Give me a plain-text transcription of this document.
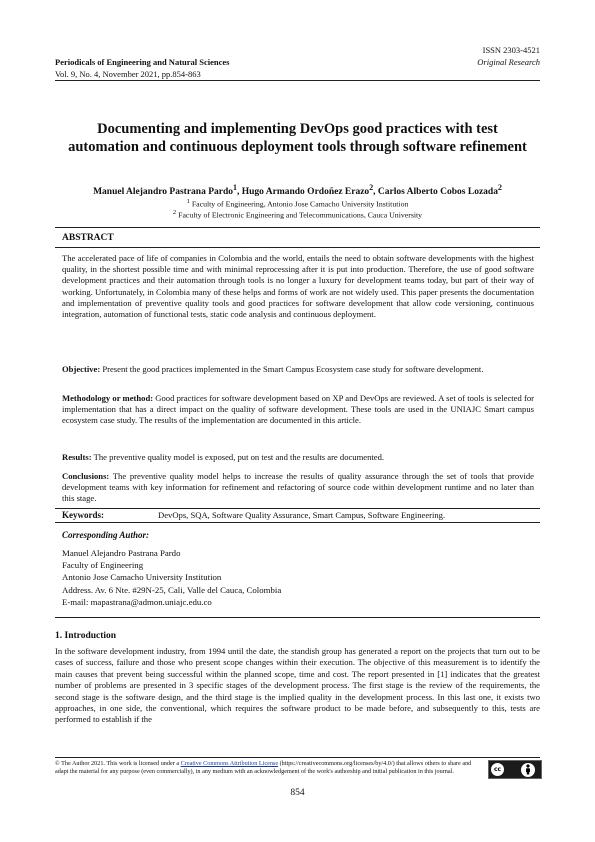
ISSN 2303-4521
Original Research
Periodicals of Engineering and Natural Sciences
Vol. 9, No. 4, November 2021, pp.854-863
Documenting and implementing DevOps good practices with test automation and continuous deployment tools through software refinement
Manuel Alejandro Pastrana Pardo$^1$, Hugo Armando Ordoñez Erazo$^2$, Carlos Alberto Cobos Lozada$^2$
$^1$ Faculty of Engineering, Antonio Jose Camacho University Institution
$^2$ Faculty of Electronic Engineering and Telecommunications, Cauca University
ABSTRACT
The accelerated pace of life of companies in Colombia and the world, entails the need to obtain software developments with the highest quality, in the shortest possible time and with minimal reprocessing after it is put into production. Therefore, the use of good software development practices and their automation through tools is no longer a luxury for development teams today, but part of their way of working. Unfortunately, in Colombia many of these helps and forms of work are not widely used. This paper presents the documentation and implementation of preventive quality tools and good practices for software development that allow code versioning, continuous integration, automation of functional tests, static code analysis and continuous deployment.
Objective: Present the good practices implemented in the Smart Campus Ecosystem case study for software development.
Methodology or method: Good practices for software development based on XP and DevOps are reviewed. A set of tools is selected for implementation that has a direct impact on the quality of software development. These tools are used in the UNIAJC Smart campus ecosystem case study. The results of the implementation are documented in this article.
Results: The preventive quality model is exposed, put on test and the results are documented.
Conclusions: The preventive quality model helps to increase the results of quality assurance through the set of tools that provide development teams with key information for refinement and refactoring of source code within development runtime and no later than this stage.
Keywords:	DevOps, SQA, Software Quality Assurance, Smart Campus, Software Engineering.
Corresponding Author:
Manuel Alejandro Pastrana Pardo
Faculty of Engineering
Antonio Jose Camacho University Institution
Address. Av. 6 Nte. #29N-25, Cali, Valle del Cauca, Colombia
E-mail: mapastrana@admon.uniajc.edu.co
1. Introduction
In the software development industry, from 1994 until the date, the standish group has generated a report on the projects that turn out to be cases of success, failure and those who present scope changes within their execution. The objective of this measurement is to identify the main causes that prevent being successful within the planned scope, time and cost. The report presented in [1] indicates that the greatest number of problems are presented in 3 specific stages of the development process. The first stage is the review of the requirements, the second stage is the software design, and the third stage is the implied quality in the development process. In this last one, it exists two approaches, in one side, the conventional, which requires the software product to be made before, and subsequently to this, tests are performed to establish if the
© The Author 2021. This work is licensed under a Creative Commons Attribution License (https://creativecommons.org/licenses/by/4.0/) that allows others to share and adapt the material for any purpose (even commercially), in any medium with an acknowledgement of the work's authorship and initial publication in this journal.	cc
854
